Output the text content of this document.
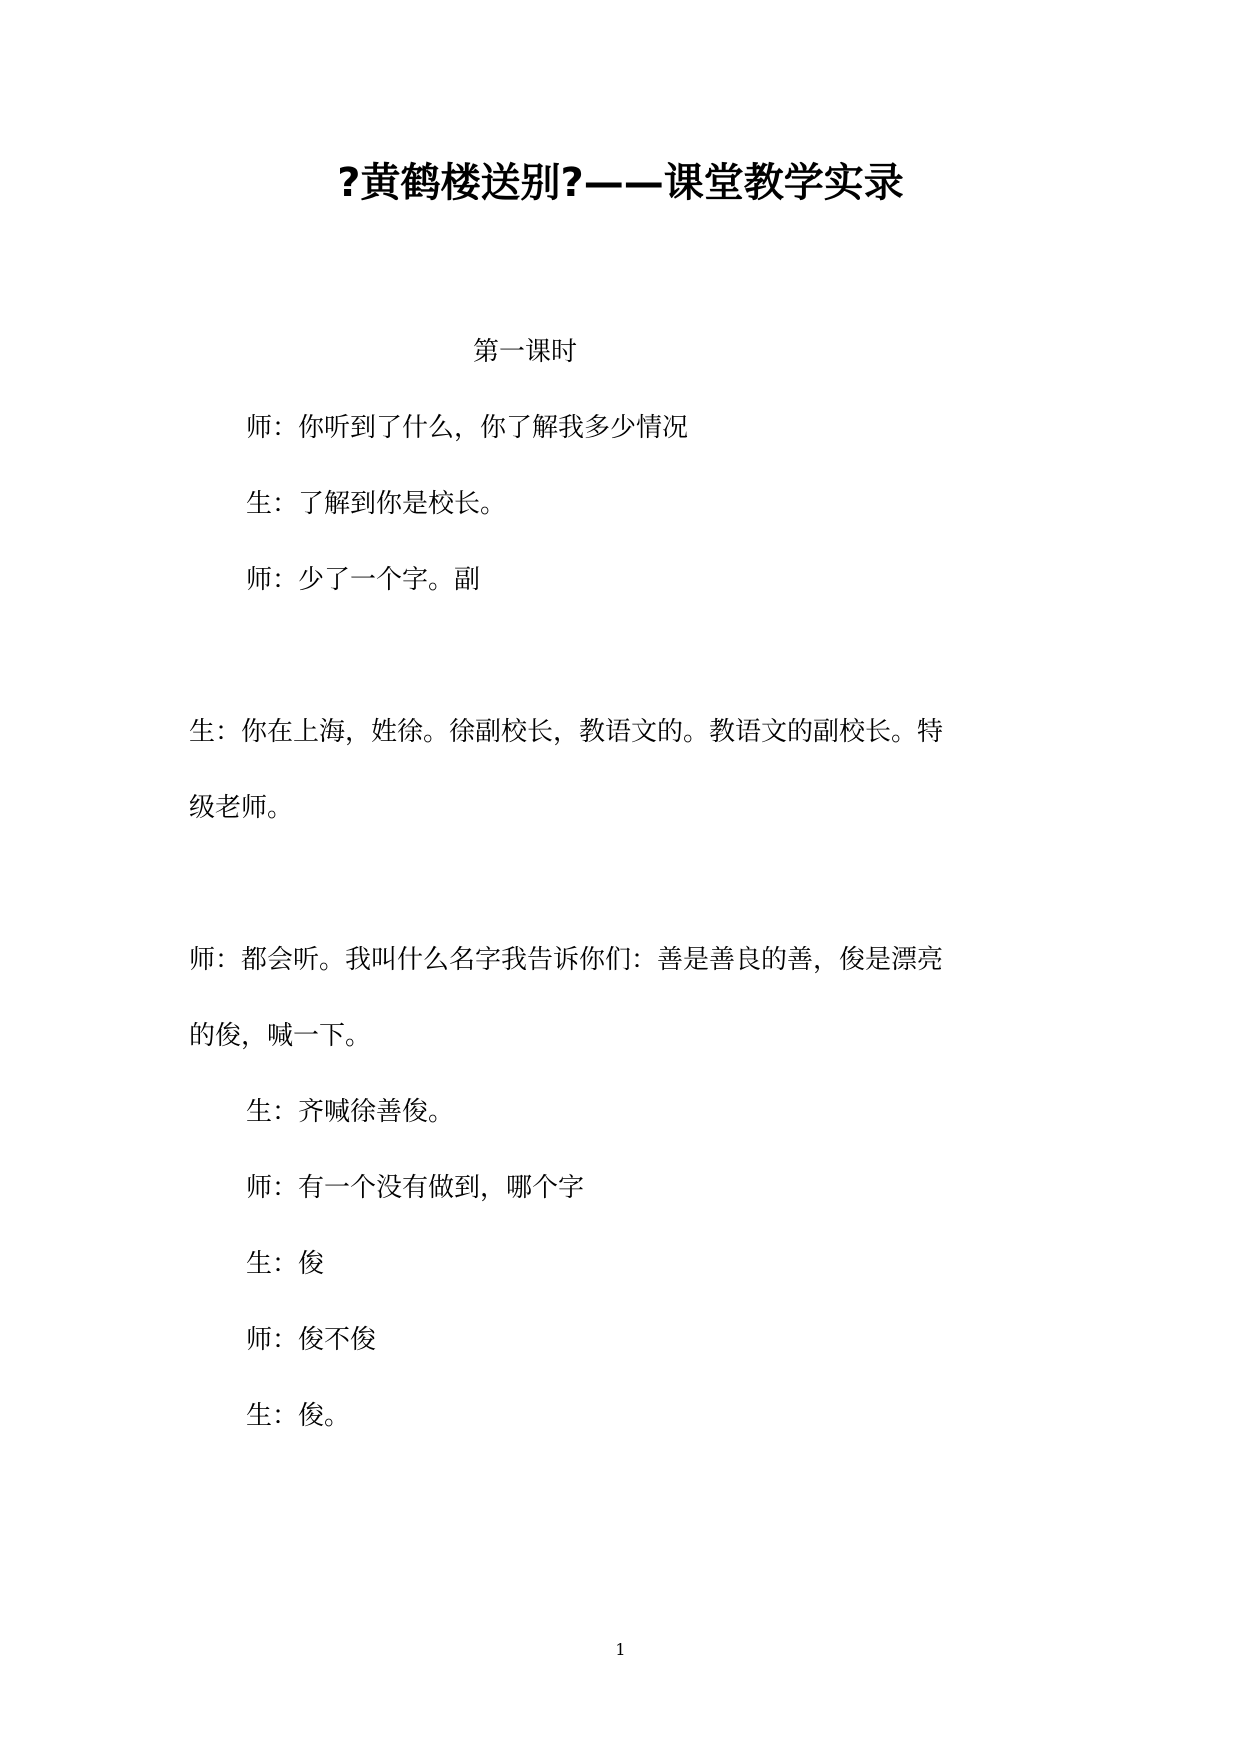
?黄鹤楼送别?——课堂教学实录
第一课时
师：你听到了什么，你了解我多少情况
生：了解到你是校长。
师：少了一个字。副
生：你在上海，姓徐。徐副校长，教语文的。教语文的副校长。特
级老师。
师：都会听。我叫什么名字我告诉你们：善是善良的善，俊是漂亮
的俊，喊一下。
生：齐喊徐善俊。
师：有一个没有做到，哪个字
生：俊
师：俊不俊
生：俊。
1
